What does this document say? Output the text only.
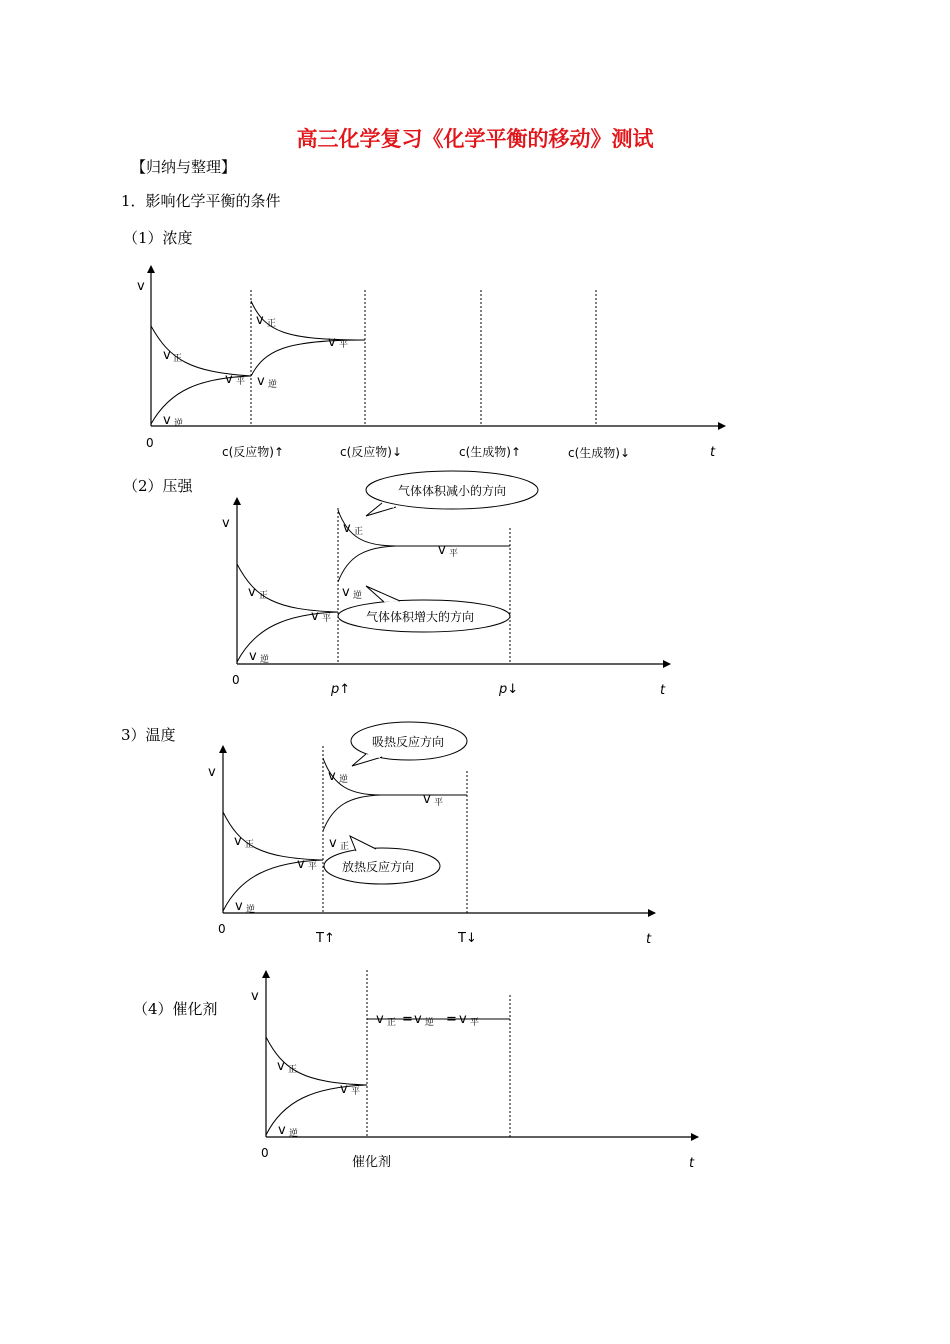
高三化学复习《化学平衡的移动》测试
【归纳与整理】
1．影响化学平衡的条件
（1）浓度
（2）压强
3）温度
（4）催化剂
v
0
t
v 正
v 逆
v 平
v 正
v 逆
v 平
c(反应物)↑	c(反应物)↓	c(生成物)↑	c(生成物)↓
气体体积减小的方向
气体体积增大的方向
v
0
t
v 正
v 逆
v 平
v 正
v 逆
v 平
p↑	p↓
吸热反应方向
放热反应方向
v
0
t
v 正
v 逆
v 平
v 逆
v 正
v 平
T↑	T↓
v
0
t
v 正
v 逆
v 平
v 正 = v 逆 = v 平
催化剂
